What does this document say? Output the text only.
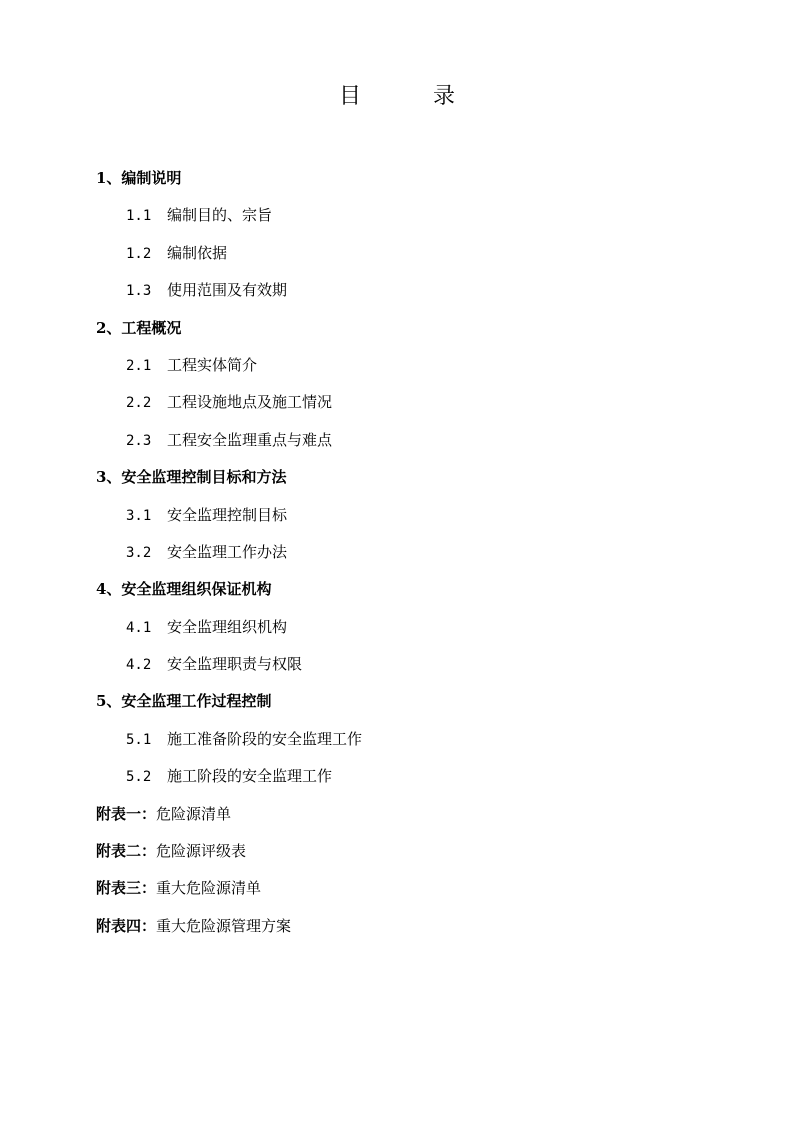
目	录
1、编制说明
1.1 编制目的、宗旨
1.2 编制依据
1.3 使用范围及有效期
2、工程概况
2.1 工程实体简介
2.2 工程设施地点及施工情况
2.3 工程安全监理重点与难点
3、安全监理控制目标和方法
3.1 安全监理控制目标
3.2 安全监理工作办法
4、安全监理组织保证机构
4.1 安全监理组织机构
4.2 安全监理职责与权限
5、安全监理工作过程控制
5.1 施工准备阶段的安全监理工作
5.2 施工阶段的安全监理工作
附表一：危险源清单
附表二：危险源评级表
附表三：重大危险源清单
附表四：重大危险源管理方案
